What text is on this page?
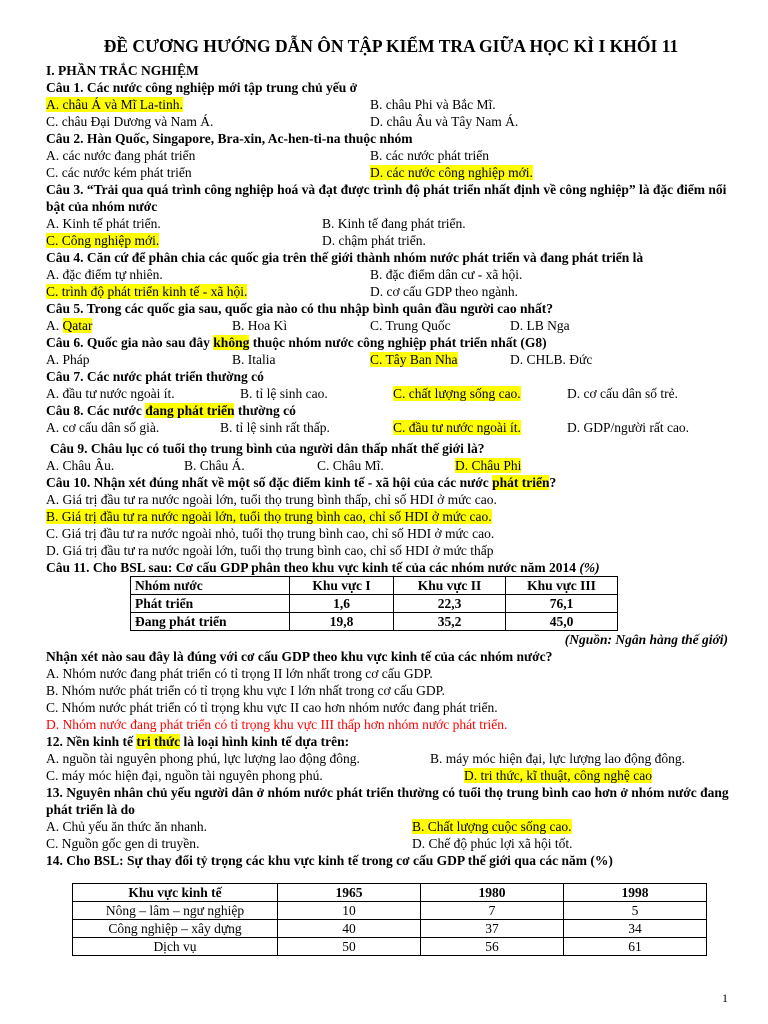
ĐỀ CƯƠNG HƯỚNG DẪN ÔN TẬP KIỂM TRA GIỮA HỌC KÌ I KHỐI 11
I. PHẦN TRẮC NGHIỆM
Câu 1. Các nước công nghiệp mới tập trung chủ yếu ở
A. châu Á và Mĩ La-tinh.	B. châu Phi và Bắc Mĩ.
C. châu Đại Dương và Nam Á.	D. châu Âu và Tây Nam Á.
Câu 2. Hàn Quốc, Singapore, Bra-xin, Ac-hen-ti-na thuộc nhóm
A. các nước đang phát triển	B. các nước phát triển
C. các nước kém phát triển	D. các nước công nghiệp mới.
Câu 3. “Trải qua quá trình công nghiệp hoá và đạt được trình độ phát triển nhất định về công nghiệp” là đặc điểm nổi bật của nhóm nước
A. Kinh tế phát triển.	B. Kinh tế đang phát triển.
C. Công nghiệp mới.	D. chậm phát triển.
Câu 4. Căn cứ để phân chia các quốc gia trên thế giới thành nhóm nước phát triển và đang phát triển là
A. đặc điểm tự nhiên.	B. đặc điểm dân cư - xã hội.
C. trình độ phát triển kinh tế - xã hội.	D. cơ cấu GDP theo ngành.
Câu 5. Trong các quốc gia sau, quốc gia nào có thu nhập bình quân đầu người cao nhất?
A. Qatar	B. Hoa Kì	C. Trung Quốc	D. LB Nga
Câu 6. Quốc gia nào sau đây không thuộc nhóm nước công nghiệp phát triển nhất (G8)
A. Pháp	B. Italia	C. Tây Ban Nha	D. CHLB. Đức
Câu 7. Các nước phát triển thường có
A. đầu tư nước ngoài ít.	B. tỉ lệ sinh cao.	C. chất lượng sống cao.	D. cơ cấu dân số trẻ.
Câu 8. Các nước đang phát triển thường có
A. cơ cấu dân số già.	B. tỉ lệ sinh rất thấp.	C. đầu tư nước ngoài ít.	D. GDP/người rất cao.
Câu 9. Châu lục có tuổi thọ trung bình của người dân thấp nhất thế giới là?
A. Châu Âu.	B. Châu Á.	C. Châu Mĩ.	D. Châu Phi
Câu 10. Nhận xét đúng nhất về một số đặc điểm kinh tế - xã hội của các nước phát triển?
A. Giá trị đầu tư ra nước ngoài lớn, tuổi thọ trung bình thấp, chỉ số HDI ở mức cao.
B. Giá trị đầu tư ra nước ngoài lớn, tuổi thọ trung bình cao, chỉ số HDI ở mức cao.
C. Giá trị đầu tư ra nước ngoài nhỏ, tuổi thọ trung bình cao, chỉ số HDI ở mức cao.
D. Giá trị đầu tư ra nước ngoài lớn, tuổi thọ trung bình cao, chỉ số HDI ở mức thấp
Câu 11. Cho BSL sau: Cơ cấu GDP phân theo khu vực kinh tế của các nhóm nước năm 2014 (%)
Nhóm nước	Khu vực I	Khu vực II	Khu vực III
Phát triển	1,6	22,3	76,1
Đang phát triển	19,8	35,2	45,0
(Nguồn: Ngân hàng thế giới)
Nhận xét nào sau đây là đúng với cơ cấu GDP theo khu vực kinh tế của các nhóm nước?
A. Nhóm nước đang phát triển có tỉ trọng II lớn nhất trong cơ cấu GDP.
B. Nhóm nước phát triển có tỉ trọng khu vực I lớn nhất trong cơ cấu GDP.
C. Nhóm nước phát triển có tỉ trọng khu vực II cao hơn nhóm nước đang phát triển.
D. Nhóm nước đang phát triển có tỉ trọng khu vực III thấp hơn nhóm nước phát triển.
12. Nền kinh tế tri thức là loại hình kinh tế dựa trên:
A. nguồn tài nguyên phong phú, lực lượng lao động đông.	B. máy móc hiện đại, lực lượng lao động đông.
C. máy móc hiện đại, nguồn tài nguyên phong phú.	D. tri thức, kĩ thuật, công nghệ cao
13. Nguyên nhân chủ yếu người dân ở nhóm nước phát triển thường có tuổi thọ trung bình cao hơn ở nhóm nước đang phát triển là do
A. Chủ yếu ăn thức ăn nhanh.	B. Chất lượng cuộc sống cao.
C. Nguồn gốc gen di truyền.	D. Chế độ phúc lợi xã hội tốt.
14. Cho BSL: Sự thay đổi tỷ trọng các khu vực kinh tế trong cơ cấu GDP thế giới qua các năm (%)
Khu vực kinh tế	1965	1980	1998
Nông – lâm – ngư nghiệp	10	7	5
Công nghiệp – xây dựng	40	37	34
Dịch vụ	50	56	61
1
